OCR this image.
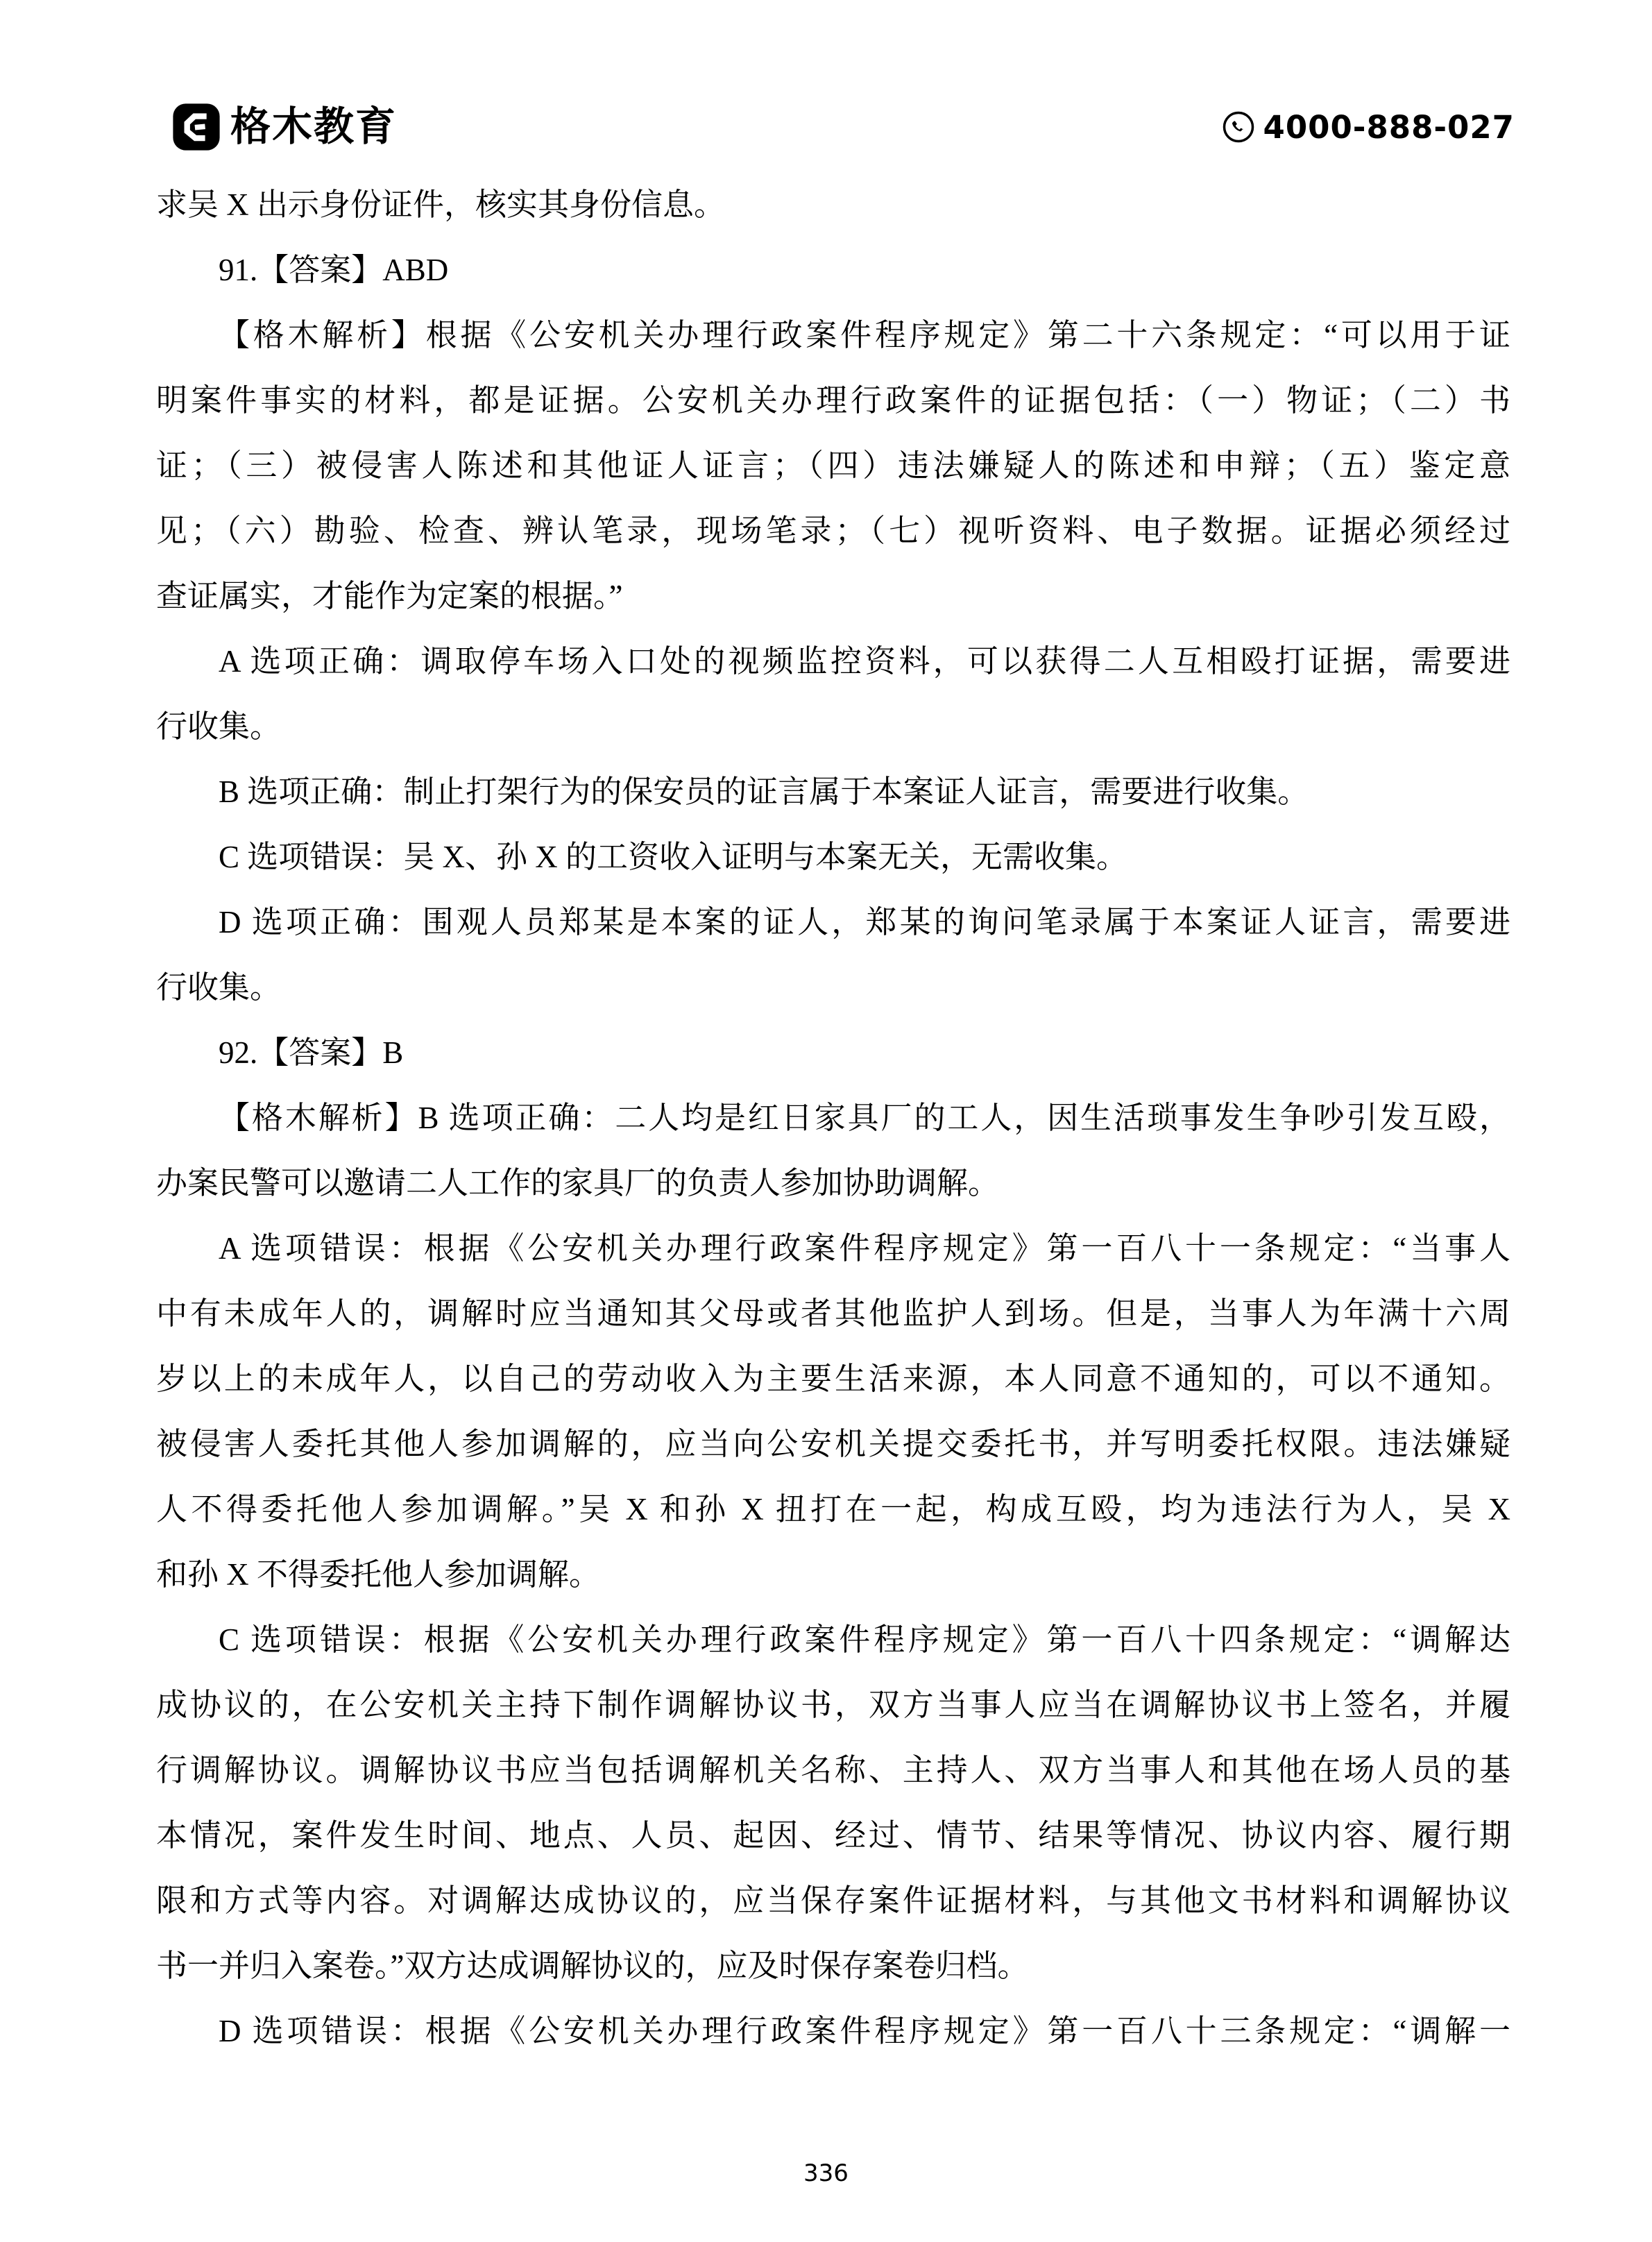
格木教育	4000-888-027
求吴 X 出示身份证件，核实其身份信息。
91.【答案】ABD
【格木解析】根据《公安机关办理行政案件程序规定》第二十六条规定：“可以用于证
明案件事实的材料，都是证据。公安机关办理行政案件的证据包括：（一）物证；（二）书
证；（三）被侵害人陈述和其他证人证言；（四）违法嫌疑人的陈述和申辩；（五）鉴定意
见；（六）勘验、检查、辨认笔录，现场笔录；（七）视听资料、电子数据。证据必须经过
查证属实，才能作为定案的根据。”
A 选项正确：调取停车场入口处的视频监控资料，可以获得二人互相殴打证据，需要进
行收集。
B 选项正确：制止打架行为的保安员的证言属于本案证人证言，需要进行收集。
C 选项错误：吴 X、孙 X 的工资收入证明与本案无关，无需收集。
D 选项正确：围观人员郑某是本案的证人，郑某的询问笔录属于本案证人证言，需要进
行收集。
92.【答案】B
【格木解析】B 选项正确：二人均是红日家具厂的工人，因生活琐事发生争吵引发互殴，
办案民警可以邀请二人工作的家具厂的负责人参加协助调解。
A 选项错误：根据《公安机关办理行政案件程序规定》第一百八十一条规定：“当事人
中有未成年人的，调解时应当通知其父母或者其他监护人到场。但是，当事人为年满十六周
岁以上的未成年人，以自己的劳动收入为主要生活来源，本人同意不通知的，可以不通知。
被侵害人委托其他人参加调解的，应当向公安机关提交委托书，并写明委托权限。违法嫌疑
人不得委托他人参加调解。”吴 X 和孙 X 扭打在一起，构成互殴，均为违法行为人，吴 X
和孙 X 不得委托他人参加调解。
C 选项错误：根据《公安机关办理行政案件程序规定》第一百八十四条规定：“调解达
成协议的，在公安机关主持下制作调解协议书，双方当事人应当在调解协议书上签名，并履
行调解协议。调解协议书应当包括调解机关名称、主持人、双方当事人和其他在场人员的基
本情况，案件发生时间、地点、人员、起因、经过、情节、结果等情况、协议内容、履行期
限和方式等内容。对调解达成协议的，应当保存案件证据材料，与其他文书材料和调解协议
书一并归入案卷。”双方达成调解协议的，应及时保存案卷归档。
D 选项错误：根据《公安机关办理行政案件程序规定》第一百八十三条规定：“调解一
336
